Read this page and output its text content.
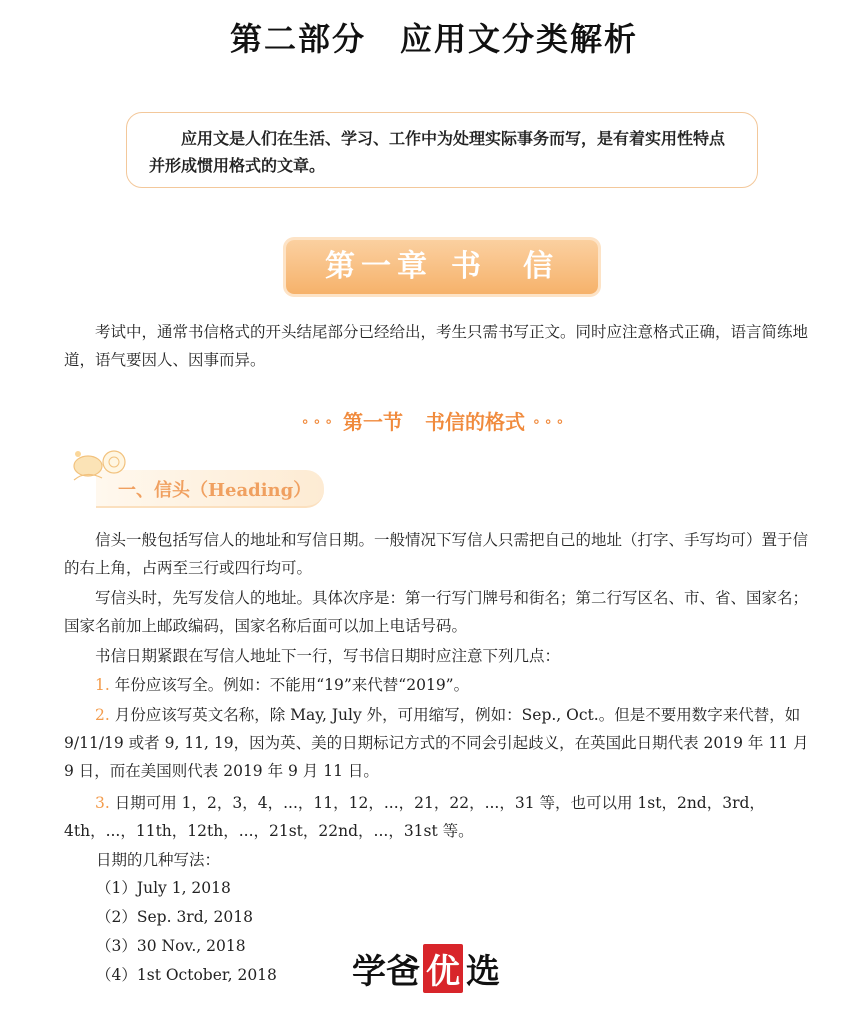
第二部分 应用文分类解析
应用文是人们在生活、学习、工作中为处理实际事务而写，是有着实用性特点并形成惯用格式的文章。
第一章 书　信
考试中，通常书信格式的开头结尾部分已经给出，考生只需书写正文。同时应注意格式正确，语言简练地道，语气要因人、因事而异。
∘∘∘ 第一节 书信的格式 ∘∘∘
一、信头（Heading）
信头一般包括写信人的地址和写信日期。一般情况下写信人只需把自己的地址（打字、手写均可）置于信的右上角，占两至三行或四行均可。
写信头时，先写发信人的地址。具体次序是：第一行写门牌号和街名；第二行写区名、市、省、国家名；国家名前加上邮政编码，国家名称后面可以加上电话号码。
书信日期紧跟在写信人地址下一行，写书信日期时应注意下列几点：
1. 年份应该写全。例如：不能用“19”来代替“2019”。
2. 月份应该写英文名称，除 May, July 外，可用缩写，例如：Sep., Oct.。但是不要用数字来代替，如 9/11/19 或者 9, 11, 19，因为英、美的日期标记方式的不同会引起歧义，在英国此日期代表 2019 年 11 月 9 日，而在美国则代表 2019 年 9 月 11 日。
3. 日期可用 1，2，3，4，...，11，12，...，21，22，...，31 等，也可以用 1st，2nd，3rd，4th，...，11th，12th，...，21st，22nd，...，31st 等。
日期的几种写法：
（1）July 1, 2018
（2）Sep. 3rd, 2018
（3）30 Nov., 2018
（4）1st October, 2018 学爸 优 选
